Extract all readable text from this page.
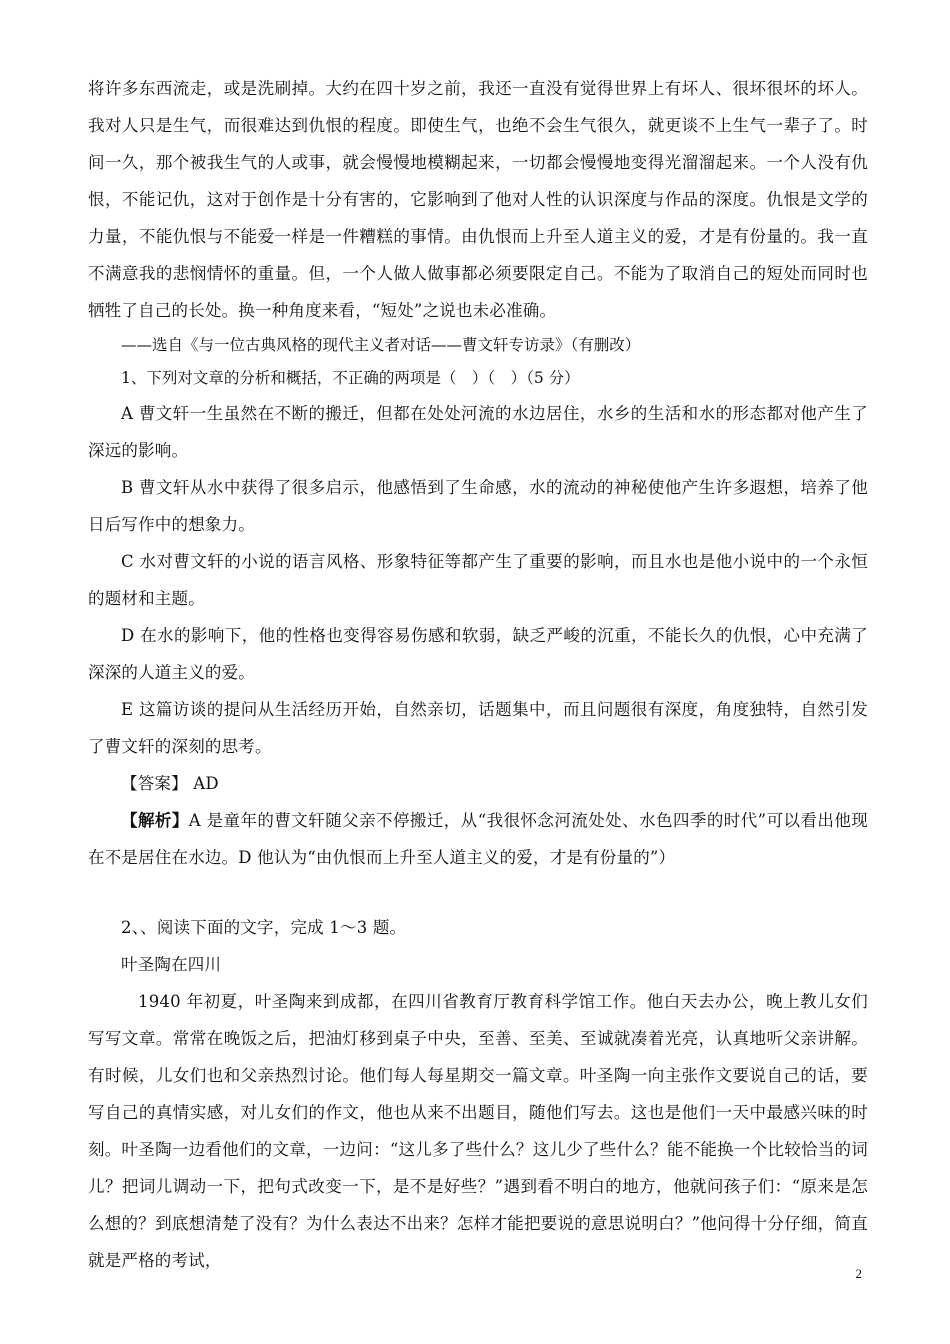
将许多东西流走，或是洗刷掉。大约在四十岁之前，我还一直没有觉得世界上有坏人、很坏很坏的坏人。我对人只是生气，而很难达到仇恨的程度。即使生气，也绝不会生气很久，就更谈不上生气一辈子了。时间一久，那个被我生气的人或事，就会慢慢地模糊起来，一切都会慢慢地变得光溜溜起来。一个人没有仇恨，不能记仇，这对于创作是十分有害的，它影响到了他对人性的认识深度与作品的深度。仇恨是文学的力量，不能仇恨与不能爱一样是一件糟糕的事情。由仇恨而上升至人道主义的爱，才是有份量的。我一直不满意我的悲悯情怀的重量。但，一个人做人做事都必须要限定自己。不能为了取消自己的短处而同时也牺牲了自己的长处。换一种角度来看，“短处”之说也未必准确。

——选自《与一位古典风格的现代主义者对话——曹文轩专访录》（有删改）

1、下列对文章的分析和概括，不正确的两项是（　）（　）（5 分）

A 曹文轩一生虽然在不断的搬迁，但都在处处河流的水边居住，水乡的生活和水的形态都对他产生了深远的影响。

B 曹文轩从水中获得了很多启示，他感悟到了生命感，水的流动的神秘使他产生许多遐想，培养了他日后写作中的想象力。

C 水对曹文轩的小说的语言风格、形象特征等都产生了重要的影响，而且水也是他小说中的一个永恒的题材和主题。

D 在水的影响下，他的性格也变得容易伤感和软弱，缺乏严峻的沉重，不能长久的仇恨，心中充满了深深的人道主义的爱。

E 这篇访谈的提问从生活经历开始，自然亲切，话题集中，而且问题很有深度，角度独特，自然引发了曹文轩的深刻的思考。

【答案】 AD

【解析】A 是童年的曹文轩随父亲不停搬迁，从“我很怀念河流处处、水色四季的时代”可以看出他现在不是居住在水边。D 他认为“由仇恨而上升至人道主义的爱，才是有份量的”）

2、、阅读下面的文字，完成 1～3 题。

叶圣陶在四川

1940 年初夏，叶圣陶来到成都，在四川省教育厅教育科学馆工作。他白天去办公，晚上教儿女们写写文章。常常在晚饭之后，把油灯移到桌子中央，至善、至美、至诚就凑着光亮，认真地听父亲讲解。有时候，儿女们也和父亲热烈讨论。他们每人每星期交一篇文章。叶圣陶一向主张作文要说自己的话，要写自己的真情实感，对儿女们的作文，他也从来不出题目，随他们写去。这也是他们一天中最感兴味的时刻。叶圣陶一边看他们的文章，一边问：“这儿多了些什么？这儿少了些什么？能不能换一个比较恰当的词儿？把词儿调动一下，把句式改变一下，是不是好些？”遇到看不明白的地方，他就问孩子们：“原来是怎么想的？到底想清楚了没有？为什么表达不出来？怎样才能把要说的意思说明白？”他问得十分仔细，简直就是严格的考试，

2
